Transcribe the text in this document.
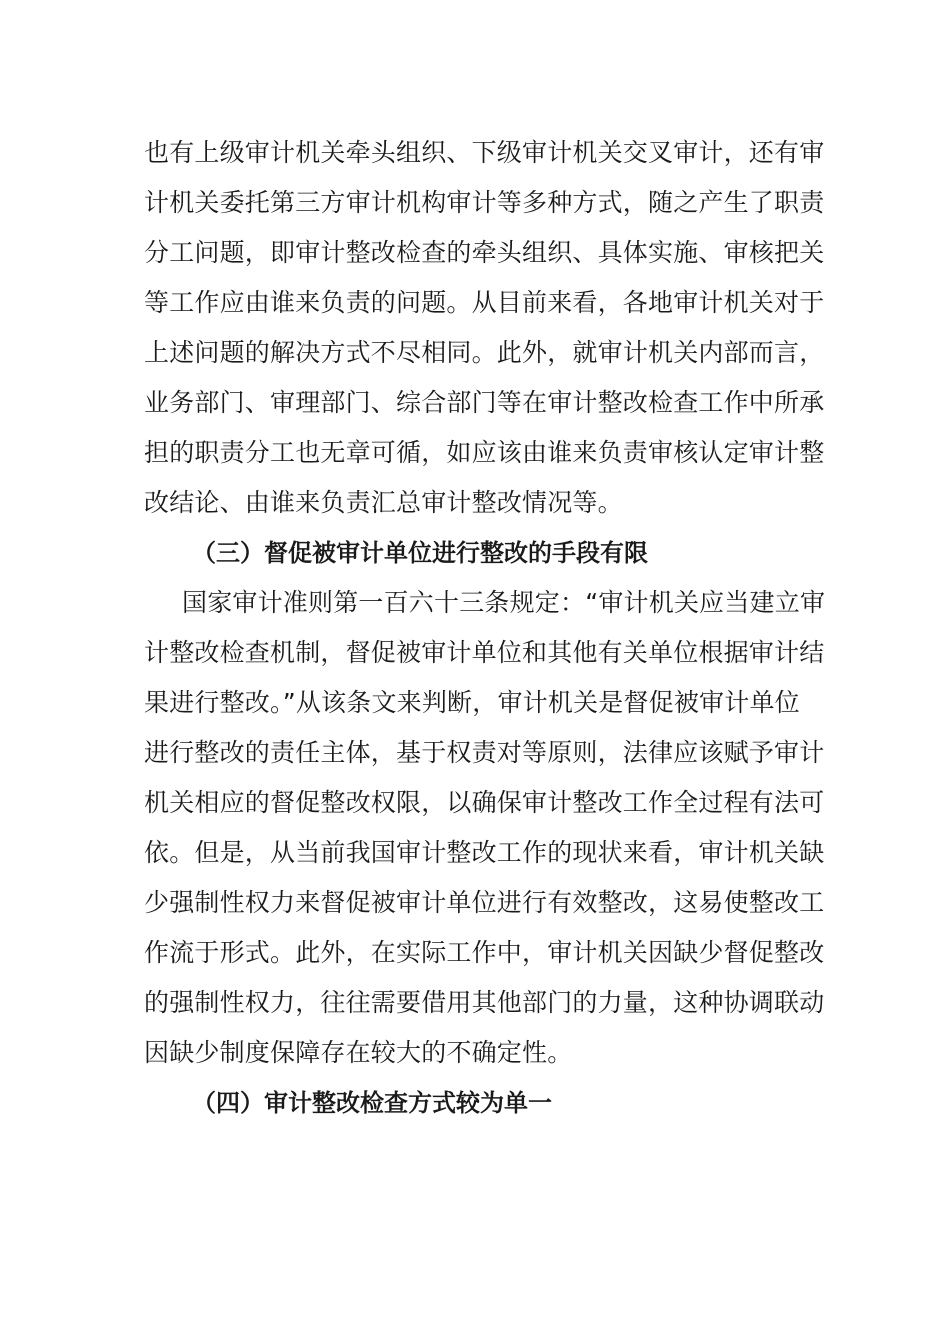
也有上级审计机关牵头组织、下级审计机关交叉审计，还有审
计机关委托第三方审计机构审计等多种方式，随之产生了职责
分工问题，即审计整改检查的牵头组织、具体实施、审核把关
等工作应由谁来负责的问题。从目前来看，各地审计机关对于
上述问题的解决方式不尽相同。此外，就审计机关内部而言，
业务部门、审理部门、综合部门等在审计整改检查工作中所承
担的职责分工也无章可循，如应该由谁来负责审核认定审计整
改结论、由谁来负责汇总审计整改情况等。
（三）督促被审计单位进行整改的手段有限
国家审计准则第一百六十三条规定：“审计机关应当建立审
计整改检查机制，督促被审计单位和其他有关单位根据审计结
果进行整改。”从该条文来判断，审计机关是督促被审计单位
进行整改的责任主体，基于权责对等原则，法律应该赋予审计
机关相应的督促整改权限，以确保审计整改工作全过程有法可
依。但是，从当前我国审计整改工作的现状来看，审计机关缺
少强制性权力来督促被审计单位进行有效整改，这易使整改工
作流于形式。此外，在实际工作中，审计机关因缺少督促整改
的强制性权力，往往需要借用其他部门的力量，这种协调联动
因缺少制度保障存在较大的不确定性。
（四）审计整改检查方式较为单一
